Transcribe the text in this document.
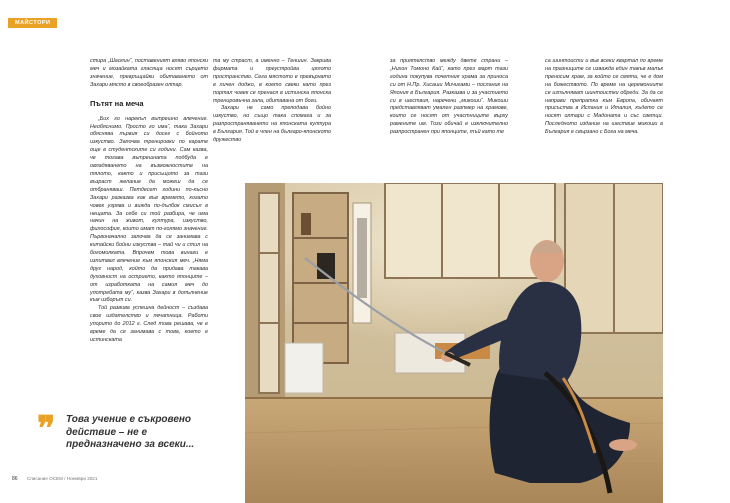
МАЙСТОРИ

стира „Шаолин“, поставеният вляво японски меч и мозайката гласяща носят сърцето значение, превръщайки обитаването от Захари място в своеобразен олтар.

Пътят на меча

„Бих го нарекъл вътрешно влечение. Необяснимо. Просто го има“, така Захари обяснява първия си досег с бойното изкуство. Започва тренировки по карате още в студентските си години. Сам казва, че тогава вътрешната подбуда е овладяването на възможностите на тялото, както и присъщото за тази възраст желание да можеш да се отбраняваш. Петдесет години по-късно Захари разказва как във времето, когато човек узрява и вижда по-дълбок смисъл в нещата. За себе си той разбира, че има начин на живот, култура, изкуство, философия, които имат по-голямо значение. Първоначално започва да се занимава с китайски бойни изкуства – тай чи и стил на богомолката. Впрочем това винаги е изпитвал влечение към японския меч. „Няма друг народ, който да придава такава духовност на острието, както японците – от изработката на самия меч до употребата му“, казва Захари в допълнение към изборът си.

Той развива успешна дейност – създава свое издателство и печатница. Работи упорито до 2012 г. След това решава, че е време да се занимава с това, което е истинската

та му страст, а именно – Теншин. Закрива фирмата и преустройва цялото пространство. Сега мястото е превърнато в личен доджо, в което свеки като през портал човек се пренася в истинска японска тренировъчна зала, обитавана от боги.

Захари не само преподава бойно изкуство, но също така спомага и за разпространяването на японската култура в България. Той е член на българо-японското дружество

за приятелство между двете страни – „Нихон Томоно Кай“, като през март тази година покупува почетния храма за приноса си от Н.Пр. Хисаши Мичигами – посланик на Япония в България. Разказва и за участието си в шествия, наречени „микоши“. Микоши представляват умален разпмер на храмове, които се носят от участниците върху рамените им. Този обичай е изключително разпространен при японците, тъй като те

са шинтоисти и във всеки квартал по време на празниците се изважда един такъв малък преносим храм, за който се смята, че е дом на божеството. По време на церемониите се изпълняват шинтоистки обреди. За да се направи препратка към Европа, обичаят присъства в Испания и Италия, където се носят олтари с Мадоната и със светци. Последното издание на шествие микоши в България е свързано с Бога на меча.

❞ Това учение е съкровено действие – не е предназначено за всеки...
86 Списание ОСЕМ / Ноември 2021
